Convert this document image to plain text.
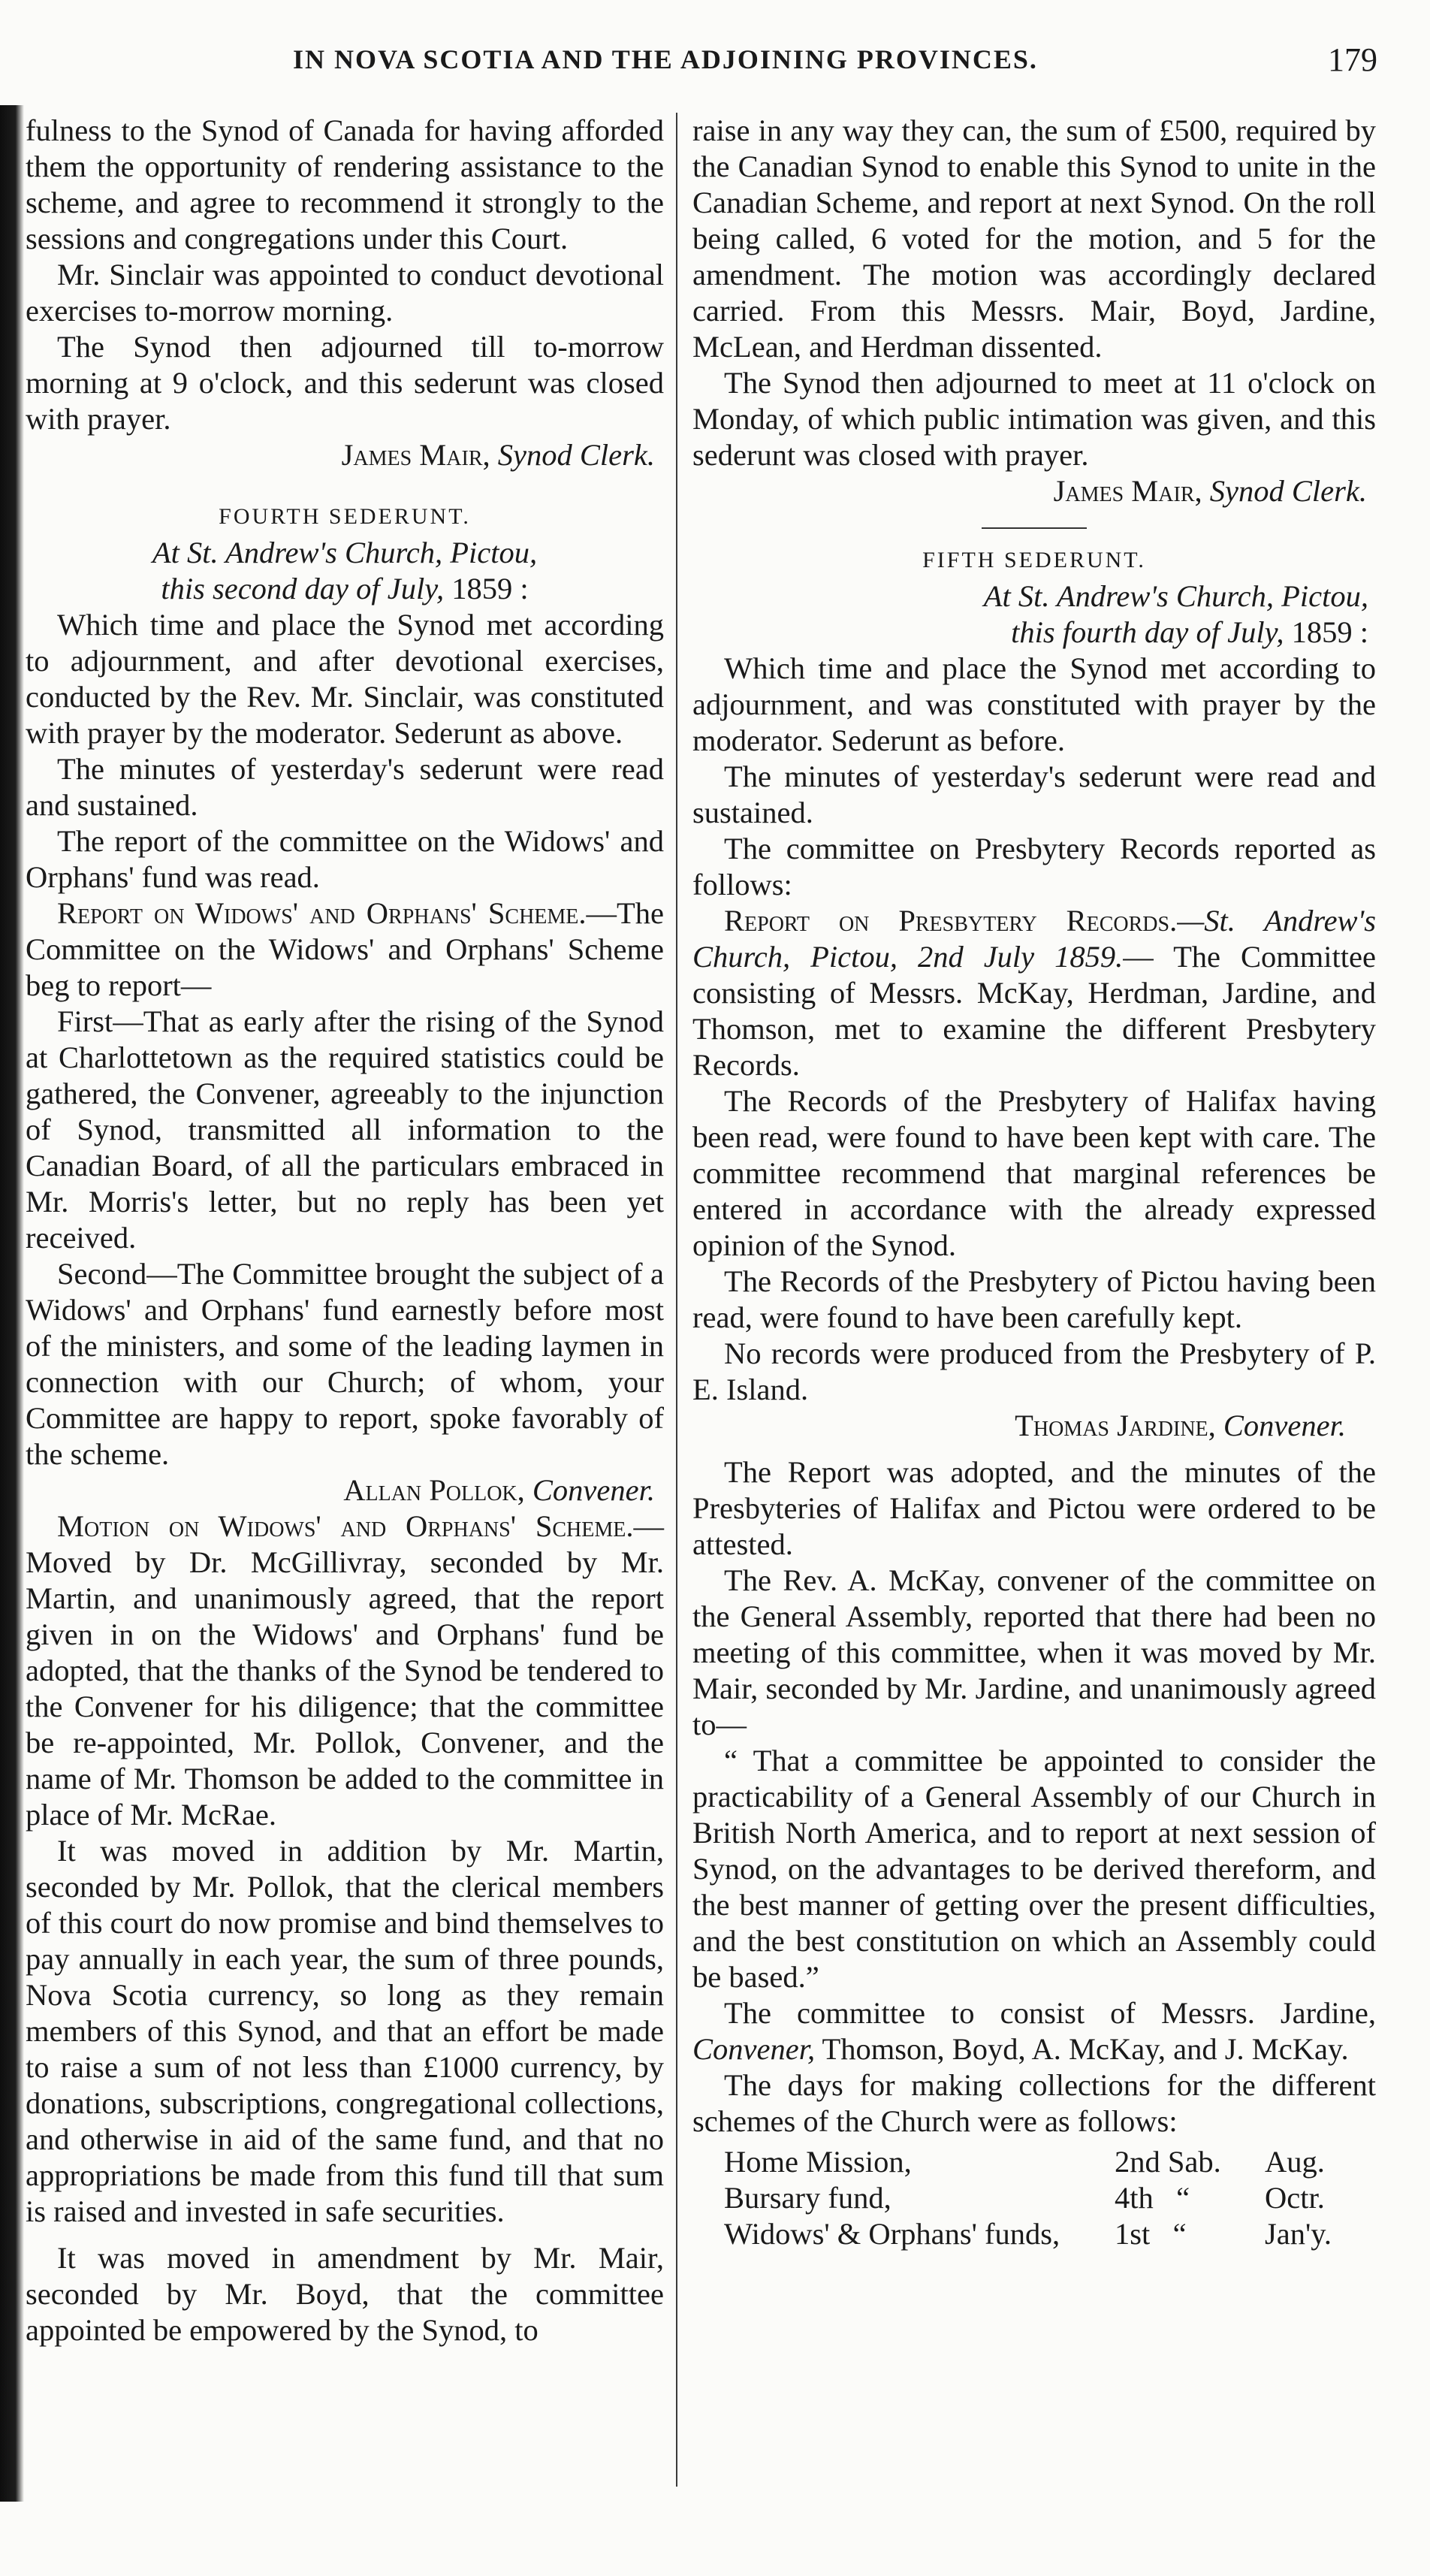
IN NOVA SCOTIA AND THE ADJOINING PROVINCES.	179

fulness to the Synod of Canada for having afforded them the opportunity of rendering assistance to the scheme, and agree to recommend it strongly to the sessions and congregations under this Court.

Mr. Sinclair was appointed to conduct devotional exercises to-morrow morning.

The Synod then adjourned till to-morrow morning at 9 o'clock, and this sederunt was closed with prayer.

James Mair, Synod Clerk.

FOURTH SEDERUNT.

At St. Andrew's Church, Pictou,
this second day of July, 1859 :

Which time and place the Synod met according to adjournment, and after devotional exercises, conducted by the Rev. Mr. Sinclair, was constituted with prayer by the moderator. Sederunt as above.

The minutes of yesterday's sederunt were read and sustained.

The report of the committee on the Widows' and Orphans' fund was read.

Report on Widows' and Orphans' Scheme.—The Committee on the Widows' and Orphans' Scheme beg to report—

First—That as early after the rising of the Synod at Charlottetown as the required statistics could be gathered, the Convener, agreeably to the injunction of Synod, transmitted all information to the Canadian Board, of all the particulars embraced in Mr. Morris's letter, but no reply has been yet received.

Second—The Committee brought the subject of a Widows' and Orphans' fund earnestly before most of the ministers, and some of the leading laymen in connection with our Church; of whom, your Committee are happy to report, spoke favorably of the scheme.

Allan Pollok, Convener.

Motion on Widows' and Orphans' Scheme.—Moved by Dr. McGillivray, seconded by Mr. Martin, and unanimously agreed, that the report given in on the Widows' and Orphans' fund be adopted, that the thanks of the Synod be tendered to the Convener for his diligence; that the committee be re-appointed, Mr. Pollok, Convener, and the name of Mr. Thomson be added to the committee in place of Mr. McRae.

It was moved in addition by Mr. Martin, seconded by Mr. Pollok, that the clerical members of this court do now promise and bind themselves to pay annually in each year, the sum of three pounds, Nova Scotia currency, so long as they remain members of this Synod, and that an effort be made to raise a sum of not less than £1000 currency, by donations, subscriptions, congregational collections, and otherwise in aid of the same fund, and that no appropriations be made from this fund till that sum is raised and invested in safe securities.

It was moved in amendment by Mr. Mair, seconded by Mr. Boyd, that the committee appointed be empowered by the Synod, to

raise in any way they can, the sum of £500, required by the Canadian Synod to enable this Synod to unite in the Canadian Scheme, and report at next Synod. On the roll being called, 6 voted for the motion, and 5 for the amendment. The motion was accordingly declared carried. From this Messrs. Mair, Boyd, Jardine, McLean, and Herdman dissented.

The Synod then adjourned to meet at 11 o'clock on Monday, of which public intimation was given, and this sederunt was closed with prayer.

James Mair, Synod Clerk.

FIFTH SEDERUNT.

At St. Andrew's Church, Pictou,
this fourth day of July, 1859 :

Which time and place the Synod met according to adjournment, and was constituted with prayer by the moderator. Sederunt as before.

The minutes of yesterday's sederunt were read and sustained.

The committee on Presbytery Records reported as follows:

Report on Presbytery Records.—St. Andrew's Church, Pictou, 2nd July 1859.— The Committee consisting of Messrs. McKay, Herdman, Jardine, and Thomson, met to examine the different Presbytery Records.

The Records of the Presbytery of Halifax having been read, were found to have been kept with care. The committee recommend that marginal references be entered in accordance with the already expressed opinion of the Synod.

The Records of the Presbytery of Pictou having been read, were found to have been carefully kept.

No records were produced from the Presbytery of P. E. Island.

Thomas Jardine, Convener.

The Report was adopted, and the minutes of the Presbyteries of Halifax and Pictou were ordered to be attested.

The Rev. A. McKay, convener of the committee on the General Assembly, reported that there had been no meeting of this committee, when it was moved by Mr. Mair, seconded by Mr. Jardine, and unanimously agreed to—

“ That a committee be appointed to consider the practicability of a General Assembly of our Church in British North America, and to report at next session of Synod, on the advantages to be derived thereform, and the best manner of getting over the present difficulties, and the best constitution on which an Assembly could be based.”

The committee to consist of Messrs. Jardine, Convener, Thomson, Boyd, A. McKay, and J. McKay.

The days for making collections for the different schemes of the Church were as follows:

Home Mission,	2nd Sab.	Aug.
Bursary fund,	4th   “	Octr.
Widows' & Orphans' funds,	1st   “	Jan'y.
